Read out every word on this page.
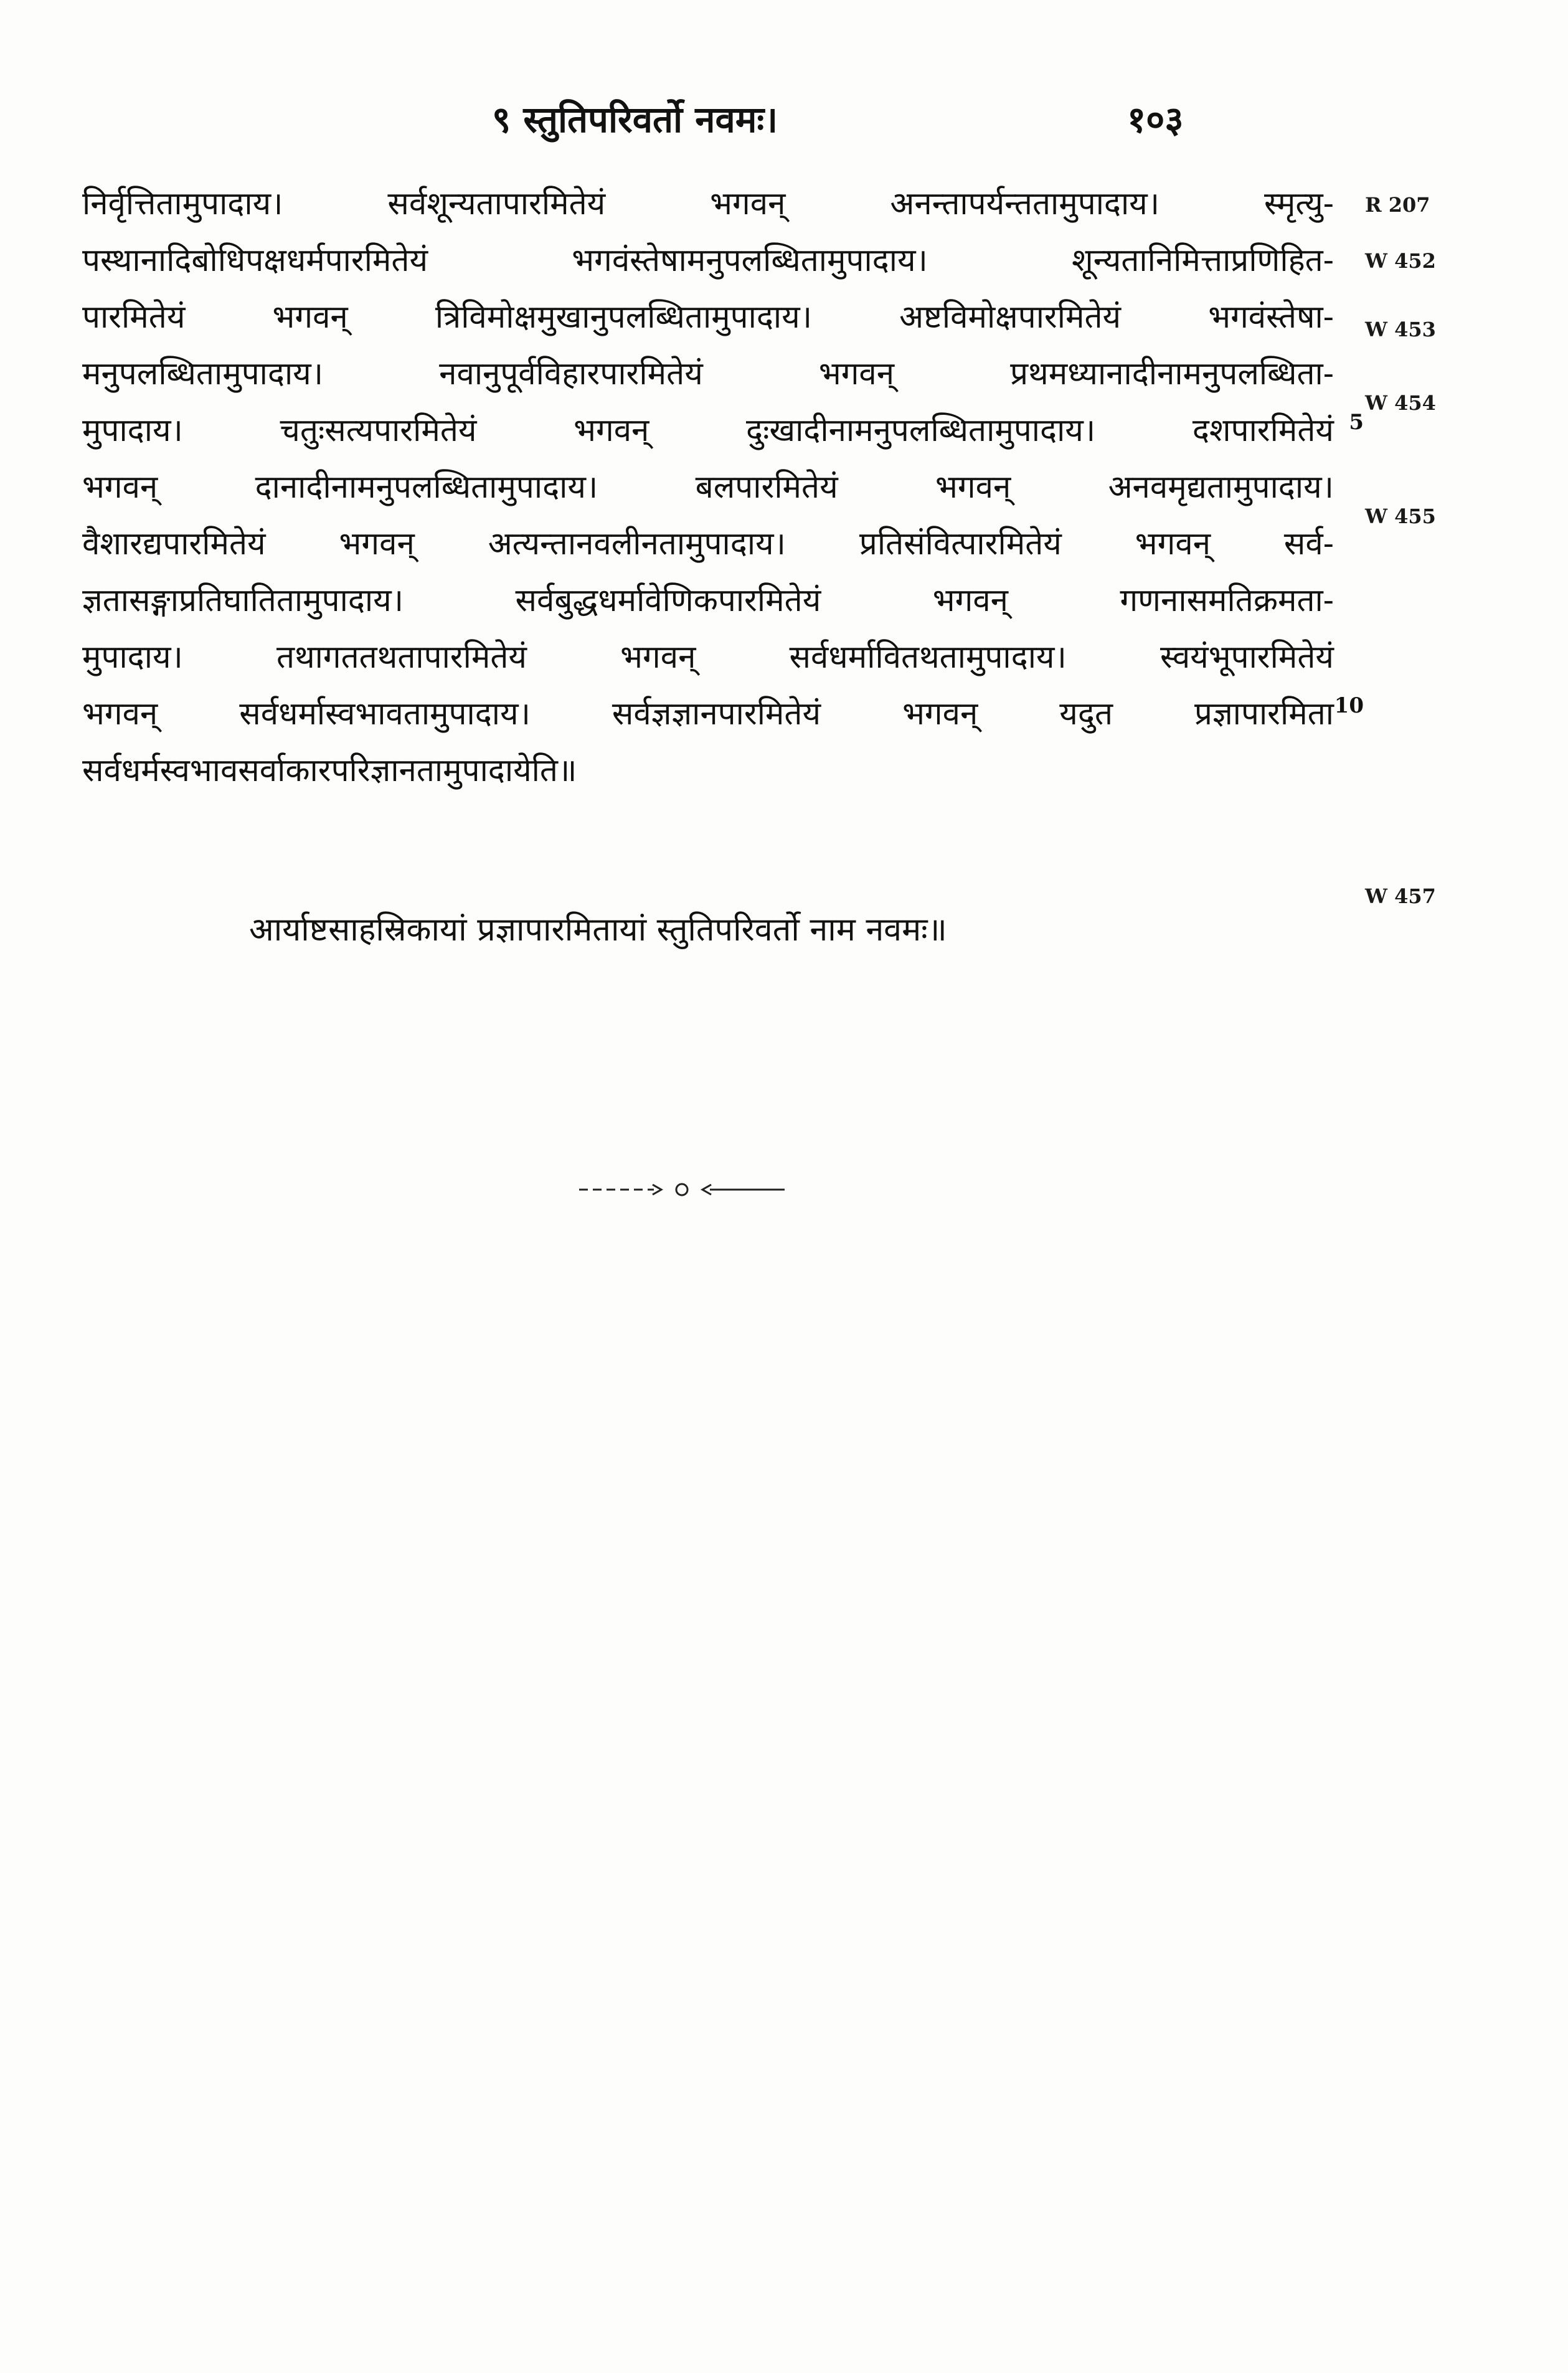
९ स्तुतिपरिवर्तो नवमः।	१०३
निर्वृत्तितामुपादाय। सर्वशून्यतापारमितेयं भगवन् अनन्तापर्यन्ततामुपादाय। स्मृत्यु-
पस्थानादिबोधिपक्षधर्मपारमितेयं भगवंस्तेषामनुपलब्धितामुपादाय। शून्यतानिमित्ताप्रणिहित-
पारमितेयं भगवन् त्रिविमोक्षमुखानुपलब्धितामुपादाय। अष्टविमोक्षपारमितेयं भगवंस्तेषा-
मनुपलब्धितामुपादाय। नवानुपूर्वविहारपारमितेयं भगवन् प्रथमध्यानादीनामनुपलब्धिता-
मुपादाय। चतुःसत्यपारमितेयं भगवन् दुःखादीनामनुपलब्धितामुपादाय। दशपारमितेयं 5
भगवन् दानादीनामनुपलब्धितामुपादाय। बलपारमितेयं भगवन् अनवमृद्यतामुपादाय।
वैशारद्यपारमितेयं भगवन् अत्यन्तानवलीनतामुपादाय। प्रतिसंवित्पारमितेयं भगवन् सर्व-
ज्ञतासङ्गाप्रतिघातितामुपादाय। सर्वबुद्धधर्मावेणिकपारमितेयं भगवन् गणनासमतिक्रमता-
मुपादाय। तथागततथतापारमितेयं भगवन् सर्वधर्मावितथतामुपादाय। स्वयंभूपारमितेयं
भगवन् सर्वधर्मास्वभावतामुपादाय। सर्वज्ञज्ञानपारमितेयं भगवन् यदुत प्रज्ञापारमिता 10
सर्वधर्मस्वभावसर्वाकारपरिज्ञानतामुपादायेति॥
R 207
W 452
W 453
W 454
W 455
W 457
आर्याष्टसाहस्रिकायां प्रज्ञापारमितायां स्तुतिपरिवर्तो नाम नवमः॥
